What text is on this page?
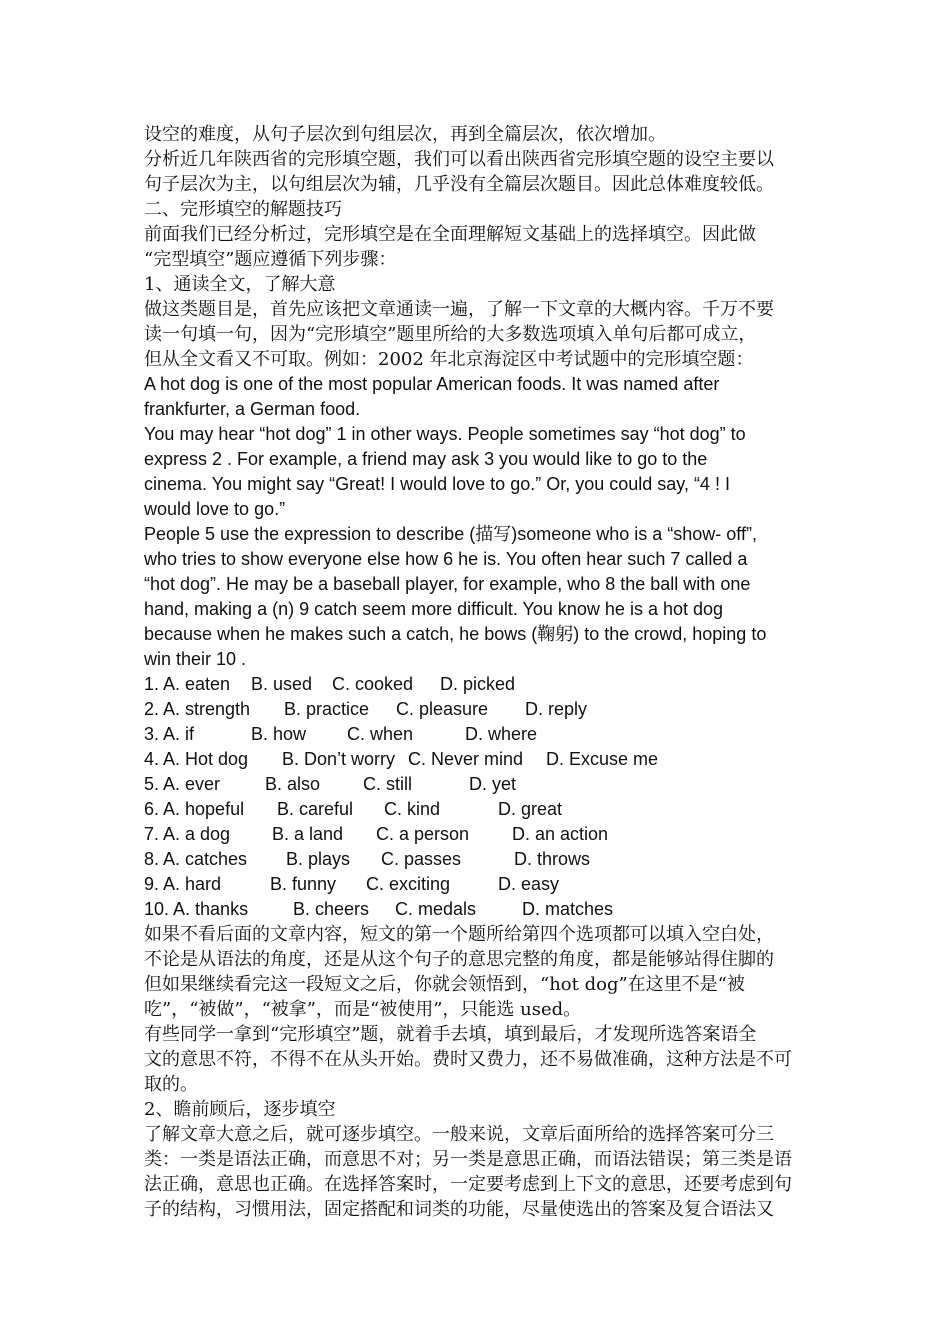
设空的难度，从句子层次到句组层次，再到全篇层次，依次增加。
分析近几年陕西省的完形填空题，我们可以看出陕西省完形填空题的设空主要以
句子层次为主，以句组层次为辅，几乎没有全篇层次题目。因此总体难度较低。
二、完形填空的解题技巧
前面我们已经分析过，完形填空是在全面理解短文基础上的选择填空。因此做
“完型填空”题应遵循下列步骤：
1、通读全文，了解大意
做这类题目是，首先应该把文章通读一遍，了解一下文章的大概内容。千万不要
读一句填一句，因为“完形填空”题里所给的大多数选项填入单句后都可成立，
但从全文看又不可取。例如：2002 年北京海淀区中考试题中的完形填空题：
A hot dog is one of the most popular American foods. It was named after
frankfurter, a German food.
You may hear “hot dog” 1 in other ways. People sometimes say “hot dog” to
express 2 . For example, a friend may ask 3 you would like to go to the
cinema. You might say “Great! I would love to go.” Or, you could say, “4 ! I
would love to go.”
People 5 use the expression to describe (描写)someone who is a “show- off”,
who tries to show everyone else how 6 he is. You often hear such 7 called a
“hot dog”. He may be a baseball player, for example, who 8 the ball with one
hand, making a (n) 9 catch seem more difficult. You know he is a hot dog
because when he makes such a catch, he bows (鞠躬) to the crowd, hoping to
win their 10 .
1. A. eaten B. used C. cooked D. picked
2. A. strength B. practice C. pleasure D. reply
3. A. if	B. how C. when	D. where
4. A. Hot dog B. Don’t worry C. Never mind D. Excuse me
5. A. ever B. also C. still	D. yet
6. A. hopeful B. careful C. kind	D. great
7. A. a dog B. a land C. a person D. an action
8. A. catches B. plays C. passes	D. throws
9. A. hard	B. funny C. exciting	D. easy
10. A. thanks B. cheers C. medals	D. matches
如果不看后面的文章内容，短文的第一个题所给第四个选项都可以填入空白处，
不论是从语法的角度，还是从这个句子的意思完整的角度，都是能够站得住脚的
但如果继续看完这一段短文之后，你就会领悟到，“hot dog”在这里不是“被
吃”，“被做”，“被拿”，而是“被使用”，只能选 used。
有些同学一拿到“完形填空”题，就着手去填，填到最后，才发现所选答案语全
文的意思不符，不得不在从头开始。费时又费力，还不易做准确，这种方法是不可
取的。
2、瞻前顾后，逐步填空
了解文章大意之后，就可逐步填空。一般来说，文章后面所给的选择答案可分三
类：一类是语法正确，而意思不对；另一类是意思正确，而语法错误；第三类是语
法正确，意思也正确。在选择答案时，一定要考虑到上下文的意思，还要考虑到句
子的结构，习惯用法，固定搭配和词类的功能，尽量使选出的答案及复合语法又
